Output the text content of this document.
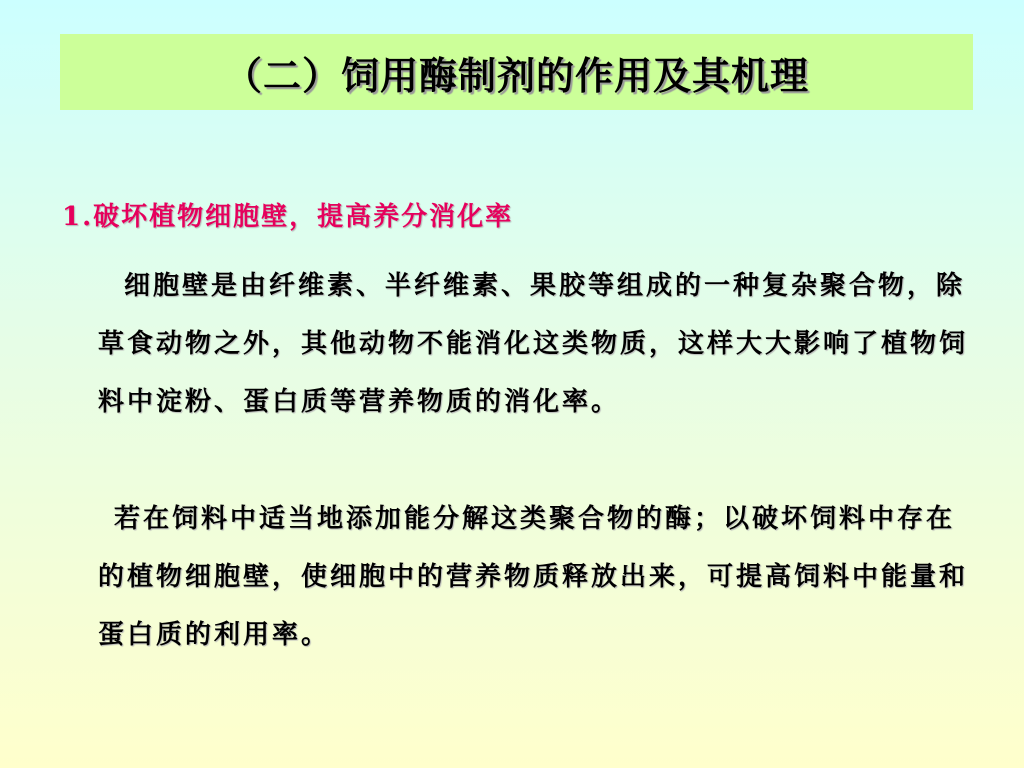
（二）饲用酶制剂的作用及其机理
1.破坏植物细胞壁，提高养分消化率
细胞壁是由纤维素、半纤维素、果胶等组成的一种复杂聚合物，除草食动物之外，其他动物不能消化这类物质，这样大大影响了植物饲料中淀粉、蛋白质等营养物质的消化率。
若在饲料中适当地添加能分解这类聚合物的酶；以破坏饲料中存在的植物细胞壁，使细胞中的营养物质释放出来，可提高饲料中能量和蛋白质的利用率。
